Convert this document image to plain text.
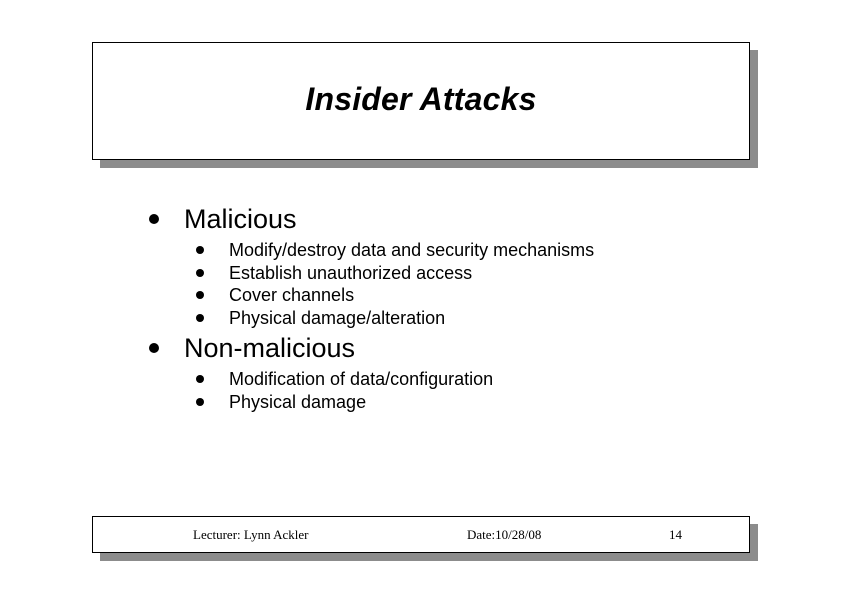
Insider Attacks
Malicious
Modify/destroy data and security mechanisms
Establish unauthorized access
Cover channels
Physical damage/alteration
Non-malicious
Modification of data/configuration
Physical damage
Lecturer: Lynn Ackler	Date:10/28/08	14
